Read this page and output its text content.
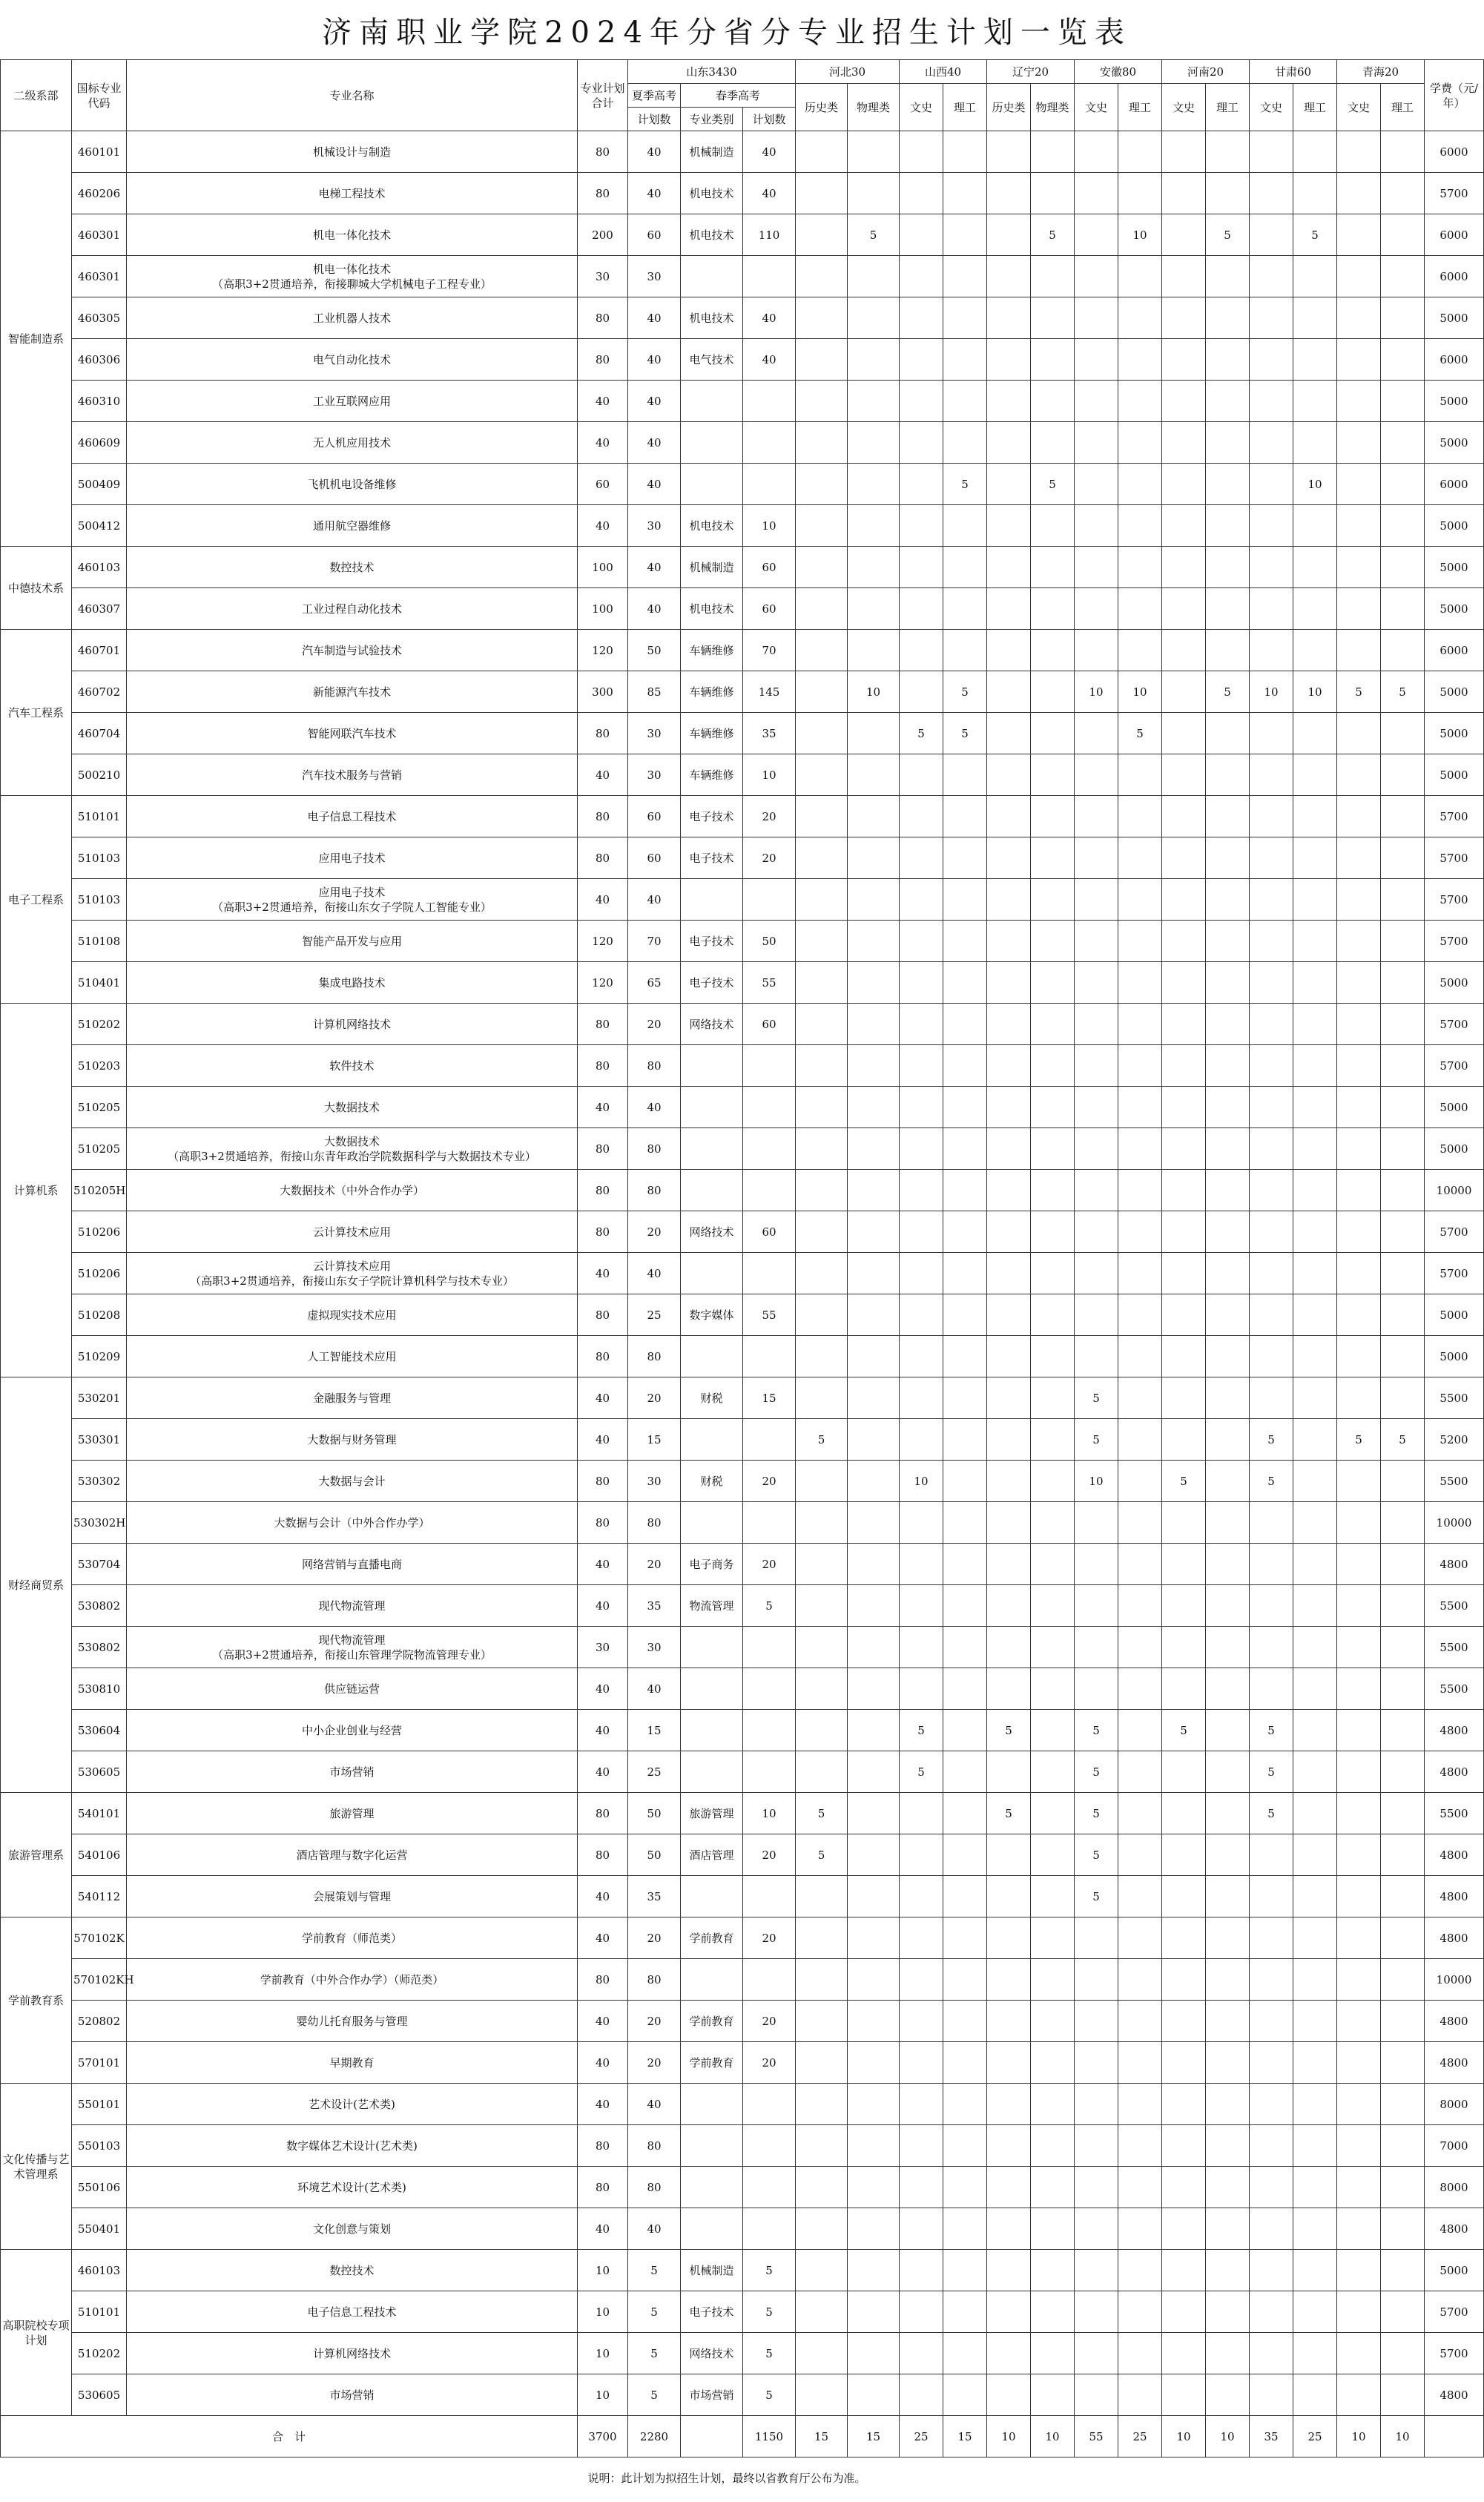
济南职业学院2024年分省分专业招生计划一览表
二级系部	国标专业代码	专业名称	专业计划合计	山东3430			河北30		山西40		辽宁20		安徽80		河南20		甘肃60		青海20		学费（元/年）
				夏季高考	春季高考		历史类	物理类	文史	理工	历史类	物理类	文史	理工	文史	理工	文史	理工	文史	理工	
				计划数	专业类别	计划数															
智能制造系	460101	机械设计与制造	80	40	机械制造	40															6000
	460206	电梯工程技术	80	40	机电技术	40															5700
	460301	机电一体化技术	200	60	机电技术	110		5				5		10		5		5			6000
	460301	机电一体化技术
（高职3+2贯通培养，衔接聊城大学机械电子工程专业）	30	30																	6000
	460305	工业机器人技术	80	40	机电技术	40															5000
	460306	电气自动化技术	80	40	电气技术	40															6000
	460310	工业互联网应用	40	40																	5000
	460609	无人机应用技术	40	40																	5000
	500409	飞机机电设备维修	60	40						5		5						10			6000
	500412	通用航空器维修	40	30	机电技术	10															5000
中德技术系	460103	数控技术	100	40	机械制造	60															5000
	460307	工业过程自动化技术	100	40	机电技术	60															5000
汽车工程系	460701	汽车制造与试验技术	120	50	车辆维修	70															6000
	460702	新能源汽车技术	300	85	车辆维修	145		10		5			10	10		5	10	10	5	5	5000
	460704	智能网联汽车技术	80	30	车辆维修	35			5	5				5							5000
	500210	汽车技术服务与营销	40	30	车辆维修	10															5000
电子工程系	510101	电子信息工程技术	80	60	电子技术	20															5700
	510103	应用电子技术	80	60	电子技术	20															5700
	510103	应用电子技术
（高职3+2贯通培养，衔接山东女子学院人工智能专业）	40	40																	5700
	510108	智能产品开发与应用	120	70	电子技术	50															5700
	510401	集成电路技术	120	65	电子技术	55															5000
计算机系	510202	计算机网络技术	80	20	网络技术	60															5700
	510203	软件技术	80	80																	5700
	510205	大数据技术	40	40																	5000
	510205	大数据技术
（高职3+2贯通培养，衔接山东青年政治学院数据科学与大数据技术专业）	80	80																	5000
	510205H	大数据技术（中外合作办学）	80	80																	10000
	510206	云计算技术应用	80	20	网络技术	60															5700
	510206	云计算技术应用
（高职3+2贯通培养，衔接山东女子学院计算机科学与技术专业）	40	40																	5700
	510208	虚拟现实技术应用	80	25	数字媒体	55															5000
	510209	人工智能技术应用	80	80																	5000
财经商贸系	530201	金融服务与管理	40	20	财税	15							5								5500
	530301	大数据与财务管理	40	15			5						5				5		5	5	5200
	530302	大数据与会计	80	30	财税	20			10				10		5		5				5500
	530302H	大数据与会计（中外合作办学）	80	80																	10000
	530704	网络营销与直播电商	40	20	电子商务	20															4800
	530802	现代物流管理	40	35	物流管理	5															5500
	530802	现代物流管理
（高职3+2贯通培养，衔接山东管理学院物流管理专业）	30	30																	5500
	530810	供应链运营	40	40																	5500
	530604	中小企业创业与经营	40	15					5		5		5		5		5				4800
	530605	市场营销	40	25					5				5				5				4800
旅游管理系	540101	旅游管理	80	50	旅游管理	10	5				5		5				5				5500
	540106	酒店管理与数字化运营	80	50	酒店管理	20	5						5								4800
	540112	会展策划与管理	40	35									5								4800
学前教育系	570102K	学前教育（师范类）	40	20	学前教育	20															4800
	570102KH	学前教育（中外合作办学）（师范类）	80	80																	10000
	520802	婴幼儿托育服务与管理	40	20	学前教育	20															4800
	570101	早期教育	40	20	学前教育	20															4800
文化传播与艺术管理系	550101	艺术设计(艺术类)	40	40																	8000
	550103	数字媒体艺术设计(艺术类)	80	80																	7000
	550106	环境艺术设计(艺术类)	80	80																	8000
	550401	文化创意与策划	40	40																	4800
高职院校专项计划	460103	数控技术	10	5	机械制造	5															5000
	510101	电子信息工程技术	10	5	电子技术	5															5700
	510202	计算机网络技术	10	5	网络技术	5															5700
	530605	市场营销	10	5	市场营销	5															4800
合　计			3700	2280		1150	15	15	25	15	10	10	55	25	10	10	35	25	10	10	
说明：此计划为拟招生计划，最终以省教育厅公布为准。
